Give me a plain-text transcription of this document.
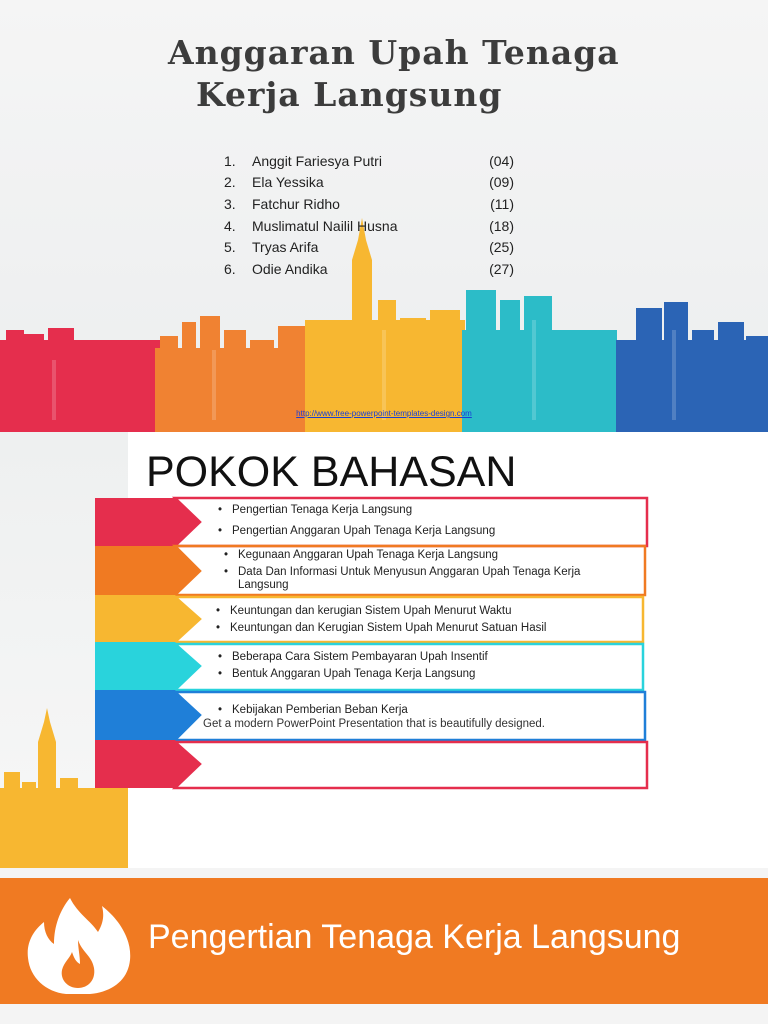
Anggaran Upah Tenaga
Kerja Langsung
1.	Anggit Fariesya Putri	(04)
2.	Ela Yessika	(09)
3.	Fatchur Ridho	(11)
4.	Muslimatul Nailil Husna	(18)
5.	Tryas Arifa	(25)
6.	Odie Andika	(27)
http://www.free-powerpoint-templates-design.com
POKOK BAHASAN
• Pengertian Tenaga Kerja Langsung
• Pengertian Anggaran Upah Tenaga Kerja Langsung
• Kegunaan Anggaran Upah Tenaga Kerja Langsung
• Data Dan Informasi Untuk Menyusun Anggaran Upah Tenaga Kerja Langsung
• Keuntungan dan kerugian Sistem Upah Menurut Waktu
• Keuntungan dan Kerugian Sistem Upah Menurut Satuan Hasil
• Beberapa Cara Sistem Pembayaran Upah Insentif
• Bentuk Anggaran Upah Tenaga Kerja Langsung
• Kebijakan Pemberian Beban Kerja
Get a modern PowerPoint Presentation that is beautifully designed.
Pengertian Tenaga Kerja Langsung
